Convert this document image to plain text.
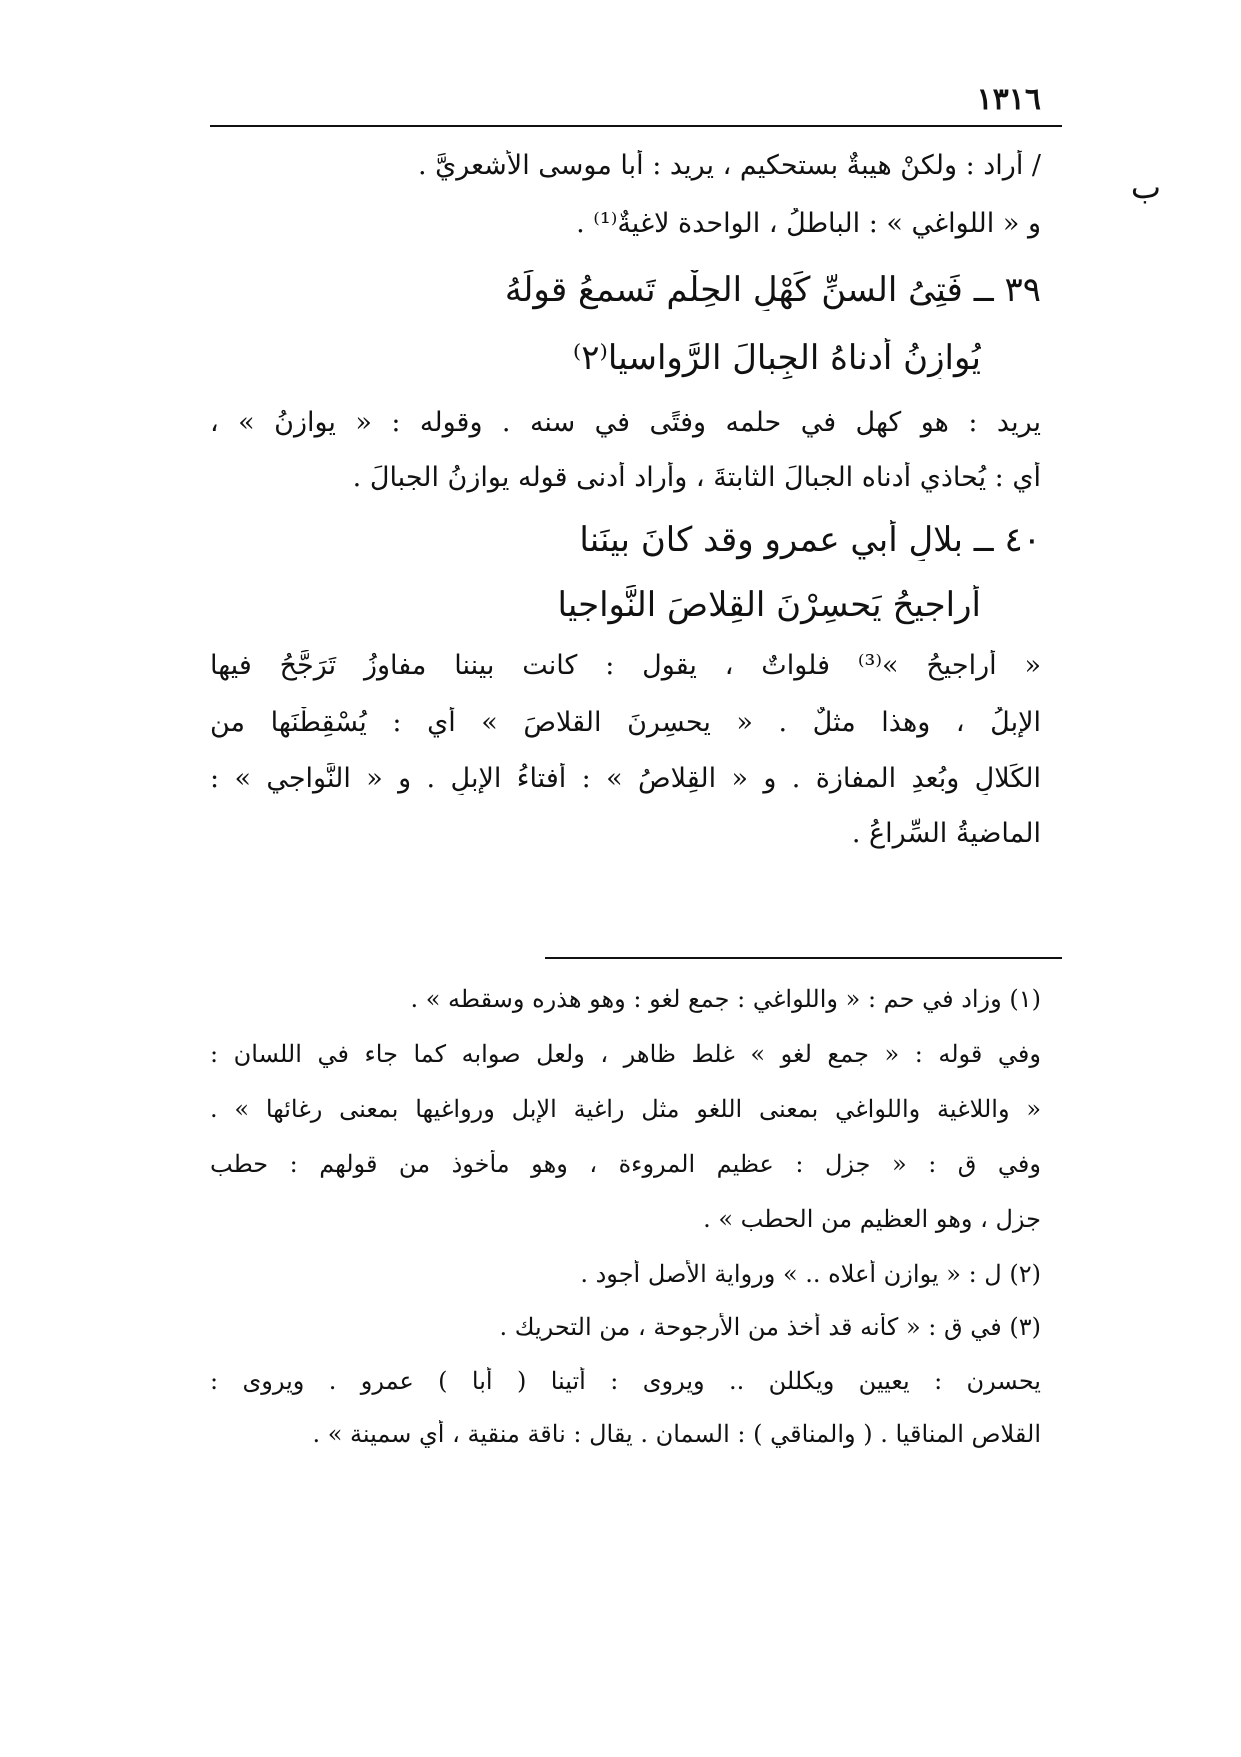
١٣١٦
ب
/ أراد : ولكنْ هيبةٌ بستحكيم ، يريد : أبا موسى الأشعريَّ .
و « اللواغي » : الباطلُ ، الواحدة لاغيةٌ⁽¹⁾ .
٣٩ ــ فَتِىُ السنِّ كَهْلِ الحِلْمِ تَسمعُ قولَهُ
يُوازِنُ أَدناهُ الجِبالَ الرَّواسيا⁽٢⁾
يريد : هو كهل في حلمه وفتًى في سنه . وقوله : « يوازنُ » ،
أي : يُحاذي أدناه الجبالَ الثابتةَ ، وأراد أدنى قوله يوازنُ الجبالَ .
٤٠ ــ بلالِ أبي عمرو وقد كانَ بينَنا
أَراجيحُ يَحسِرْنَ القِلاصَ النَّواجيا
« أراجيحُ »⁽³⁾ فلواتٌ ، يقول : كانت بيننا مفاوزُ تَرَجَّحُ فيها
الإبلُ ، وهذا مثلٌ . « يحسِرنَ القلاصَ » أي : يُسْقِطْنَها من
الكَلالِ وبُعدِ المفازة . و « القِلاصُ » : أَفتاءُ الإبلِ . و « النَّواجي » :
الماضيةُ السِّراعُ .
(١) وزاد في حم : « واللواغي : جمع لغو : وهو هذره وسقطه » .
وفي قوله : « جمع لغو » غلط ظاهر ، ولعل صوابه كما جاء في اللسان :
« واللاغية واللواغي بمعنى اللغو مثل راغية الإبل ورواغيها بمعنى رغائها » .
وفي ق : « جزل : عظيم المروءة ، وهو مأخوذ من قولهم : حطب
جزل ، وهو العظيم من الحطب » .
(٢) ل : « يوازن أعلاه .. » ورواية الأصل أجود .
(٣) في ق : « كأنه قد أخذ من الأرجوحة ، من التحريك .
يحسرن : يعيين ويكللن .. ويروى : أتينا ( أبا ) عمرو . ويروى :
القلاص المناقيا . ( والمناقي ) : السمان . يقال : ناقة منقية ، أي سمينة » .
